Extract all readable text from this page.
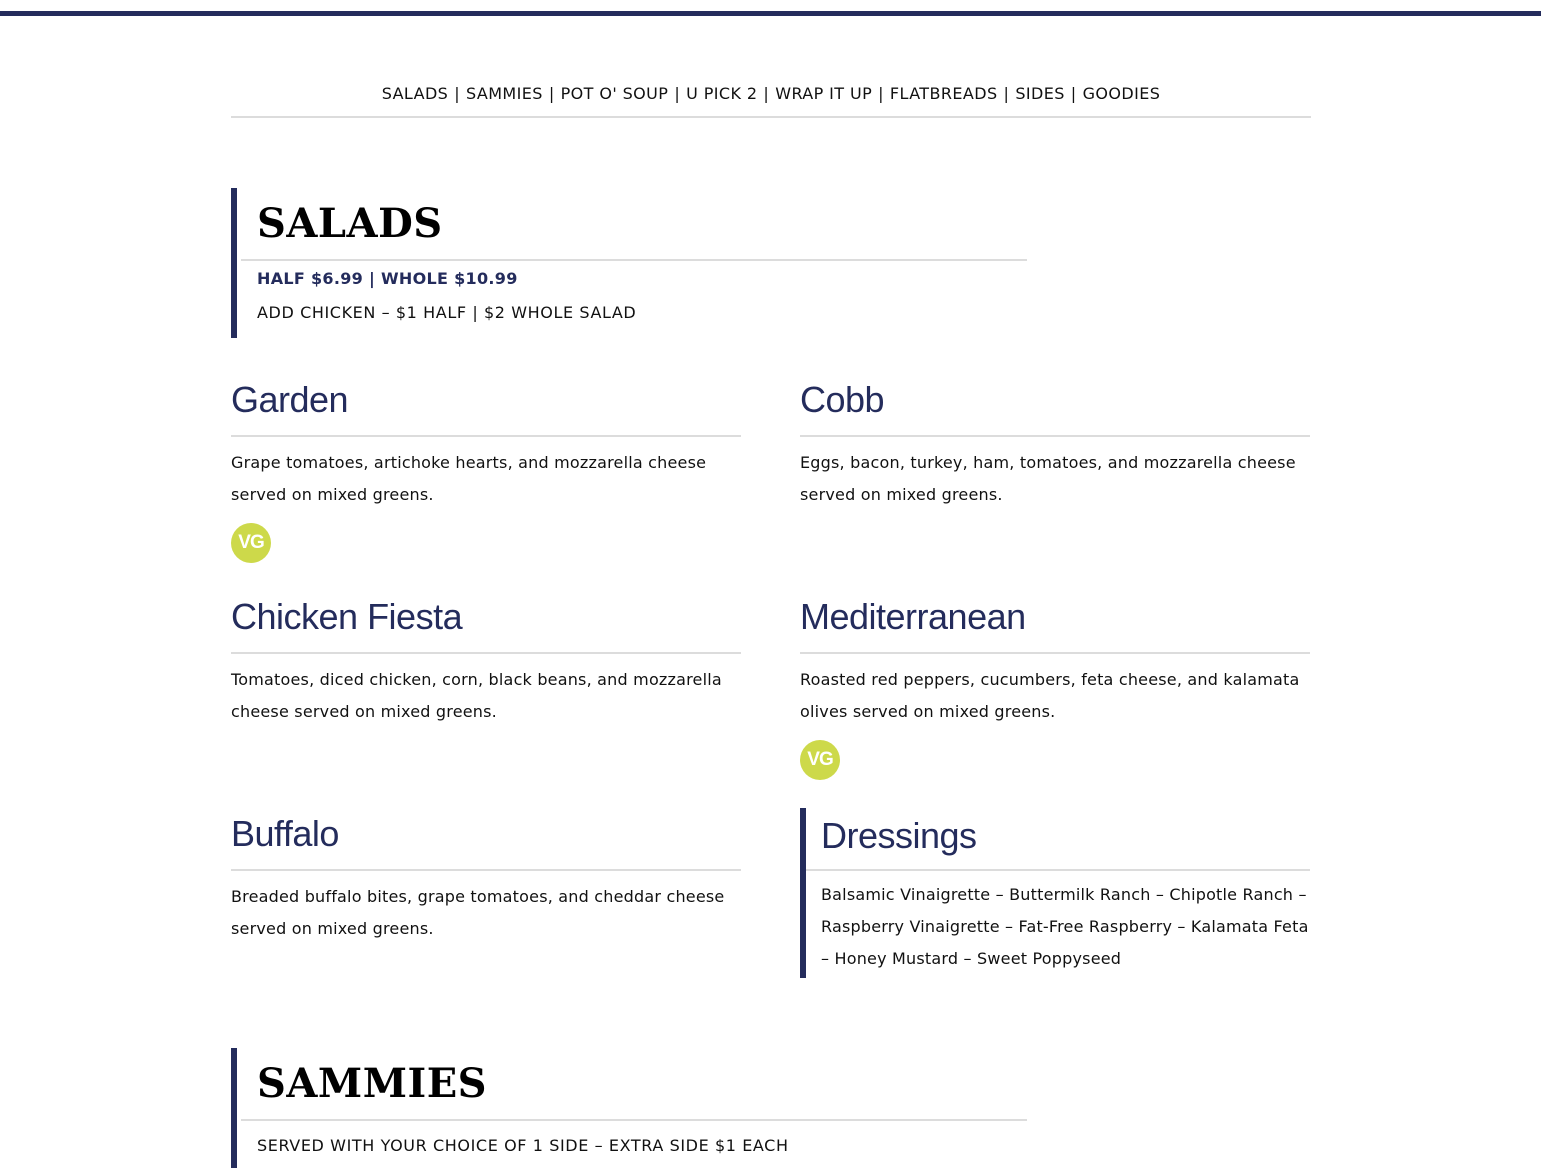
SALADS | SAMMIES | POT O' SOUP | U PICK 2 | WRAP IT UP | FLATBREADS | SIDES | GOODIES
SALADS
HALF $6.99 | WHOLE $10.99
ADD CHICKEN – $1 HALF | $2 WHOLE SALAD
Garden
Grape tomatoes, artichoke hearts, and mozzarella cheese served on mixed greens.
VG
Cobb
Eggs, bacon, turkey, ham, tomatoes, and mozzarella cheese served on mixed greens.
Chicken Fiesta
Tomatoes, diced chicken, corn, black beans, and mozzarella cheese served on mixed greens.
Mediterranean
Roasted red peppers, cucumbers, feta cheese, and kalamata olives served on mixed greens.
VG
Buffalo
Breaded buffalo bites, grape tomatoes, and cheddar cheese served on mixed greens.
Dressings
Balsamic Vinaigrette – Buttermilk Ranch – Chipotle Ranch – Raspberry Vinaigrette – Fat-Free Raspberry – Kalamata Feta – Honey Mustard – Sweet Poppyseed
SAMMIES
SERVED WITH YOUR CHOICE OF 1 SIDE – EXTRA SIDE $1 EACH
